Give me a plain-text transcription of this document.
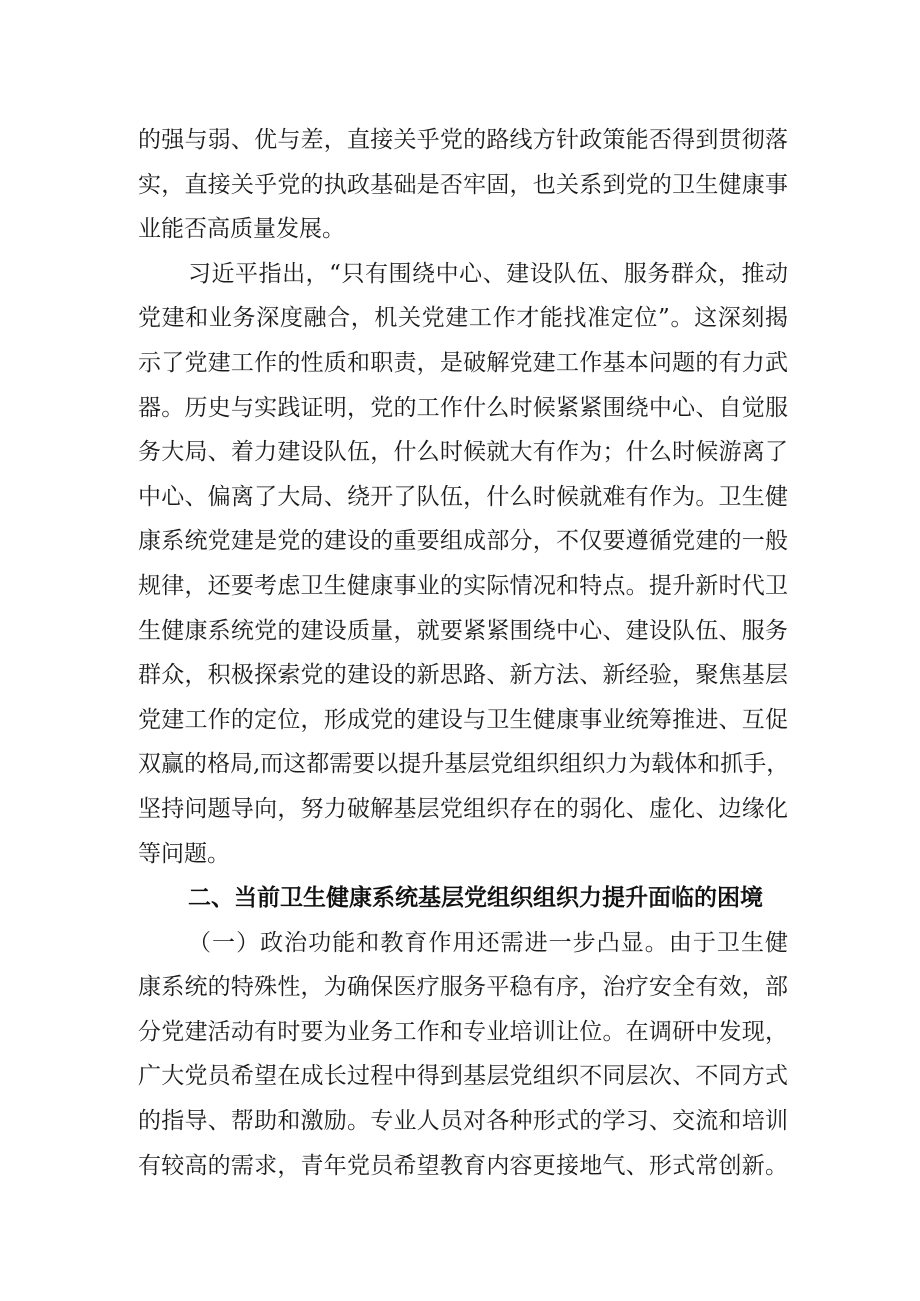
的强与弱、优与差，直接关乎党的路线方针政策能否得到贯彻落
实，直接关乎党的执政基础是否牢固，也关系到党的卫生健康事
业能否高质量发展。
习近平指出，“只有围绕中心、建设队伍、服务群众，推动
党建和业务深度融合，机关党建工作才能找准定位”。这深刻揭
示了党建工作的性质和职责，是破解党建工作基本问题的有力武
器。历史与实践证明，党的工作什么时候紧紧围绕中心、自觉服
务大局、着力建设队伍，什么时候就大有作为；什么时候游离了
中心、偏离了大局、绕开了队伍，什么时候就难有作为。卫生健
康系统党建是党的建设的重要组成部分，不仅要遵循党建的一般
规律，还要考虑卫生健康事业的实际情况和特点。提升新时代卫
生健康系统党的建设质量，就要紧紧围绕中心、建设队伍、服务
群众，积极探索党的建设的新思路、新方法、新经验，聚焦基层
党建工作的定位，形成党的建设与卫生健康事业统筹推进、互促
双赢的格局,而这都需要以提升基层党组织组织力为载体和抓手，
坚持问题导向，努力破解基层党组织存在的弱化、虚化、边缘化
等问题。
二、当前卫生健康系统基层党组织组织力提升面临的困境
（一）政治功能和教育作用还需进一步凸显。由于卫生健
康系统的特殊性，为确保医疗服务平稳有序，治疗安全有效，部
分党建活动有时要为业务工作和专业培训让位。在调研中发现，
广大党员希望在成长过程中得到基层党组织不同层次、不同方式
的指导、帮助和激励。专业人员对各种形式的学习、交流和培训
有较高的需求，青年党员希望教育内容更接地气、形式常创新。
